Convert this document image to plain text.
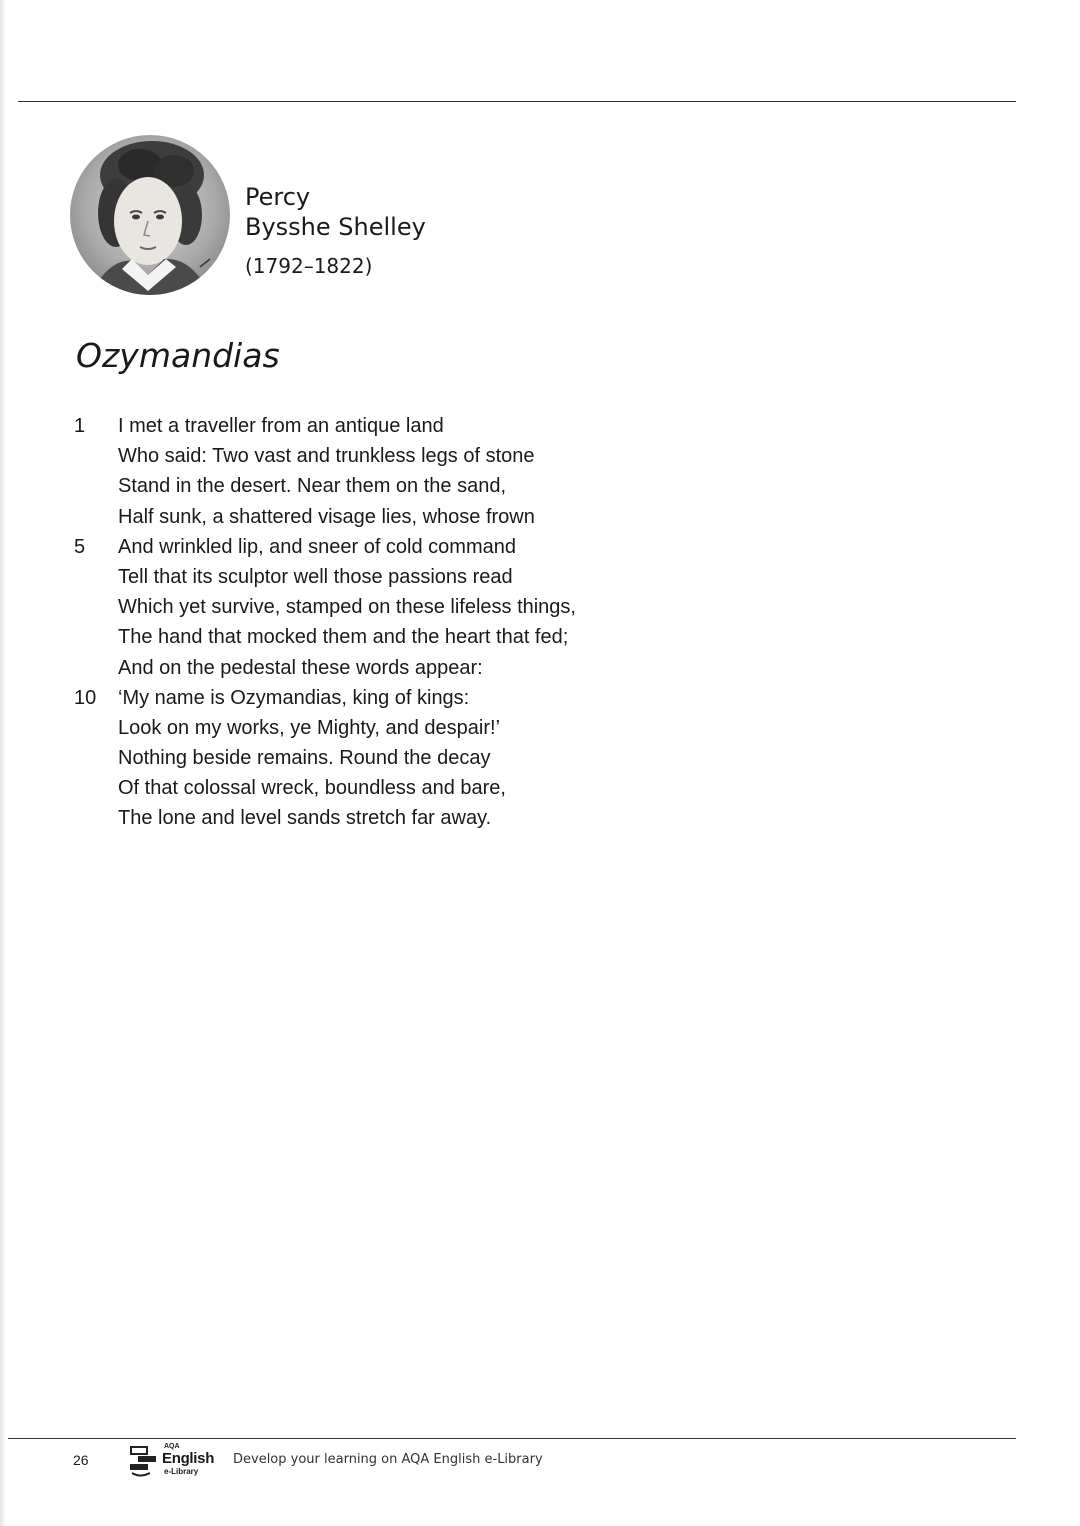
Percy
Bysshe Shelley
(1792–1822)
Ozymandias
1	I met a traveller from an antique land
Who said: Two vast and trunkless legs of stone
Stand in the desert. Near them on the sand,
Half sunk, a shattered visage lies, whose frown
5	And wrinkled lip, and sneer of cold command
Tell that its sculptor well those passions read
Which yet survive, stamped on these lifeless things,
The hand that mocked them and the heart that fed;
And on the pedestal these words appear:
10	‘My name is Ozymandias, king of kings:
Look on my works, ye Mighty, and despair!’
Nothing beside remains. Round the decay
Of that colossal wreck, boundless and bare,
The lone and level sands stretch far away.
26
AQA
English
e-Library
Develop your learning on AQA English e-Library
